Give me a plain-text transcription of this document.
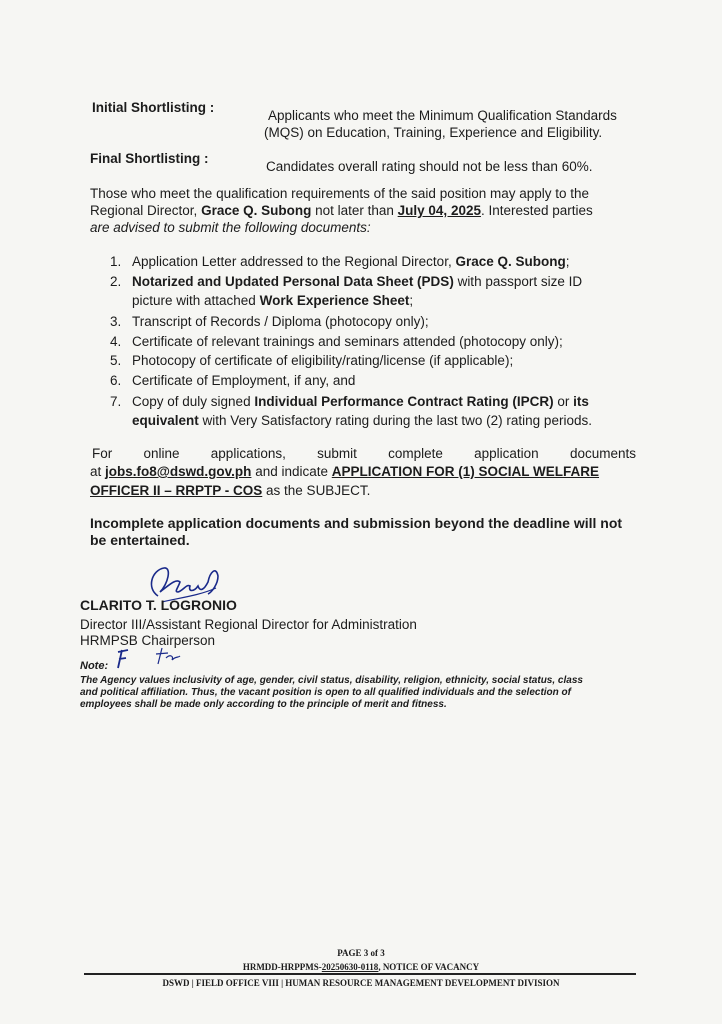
Initial Shortlisting :
Applicants who meet the Minimum Qualification Standards
(MQS) on Education, Training, Experience and Eligibility.
Final Shortlisting :
Candidates overall rating should not be less than 60%.
Those who meet the qualification requirements of the said position may apply to the
Regional Director, Grace Q. Subong not later than July 04, 2025. Interested parties
are advised to submit the following documents:
1. Application Letter addressed to the Regional Director, Grace Q. Subong;
2. Notarized and Updated Personal Data Sheet (PDS) with passport size ID
picture with attached Work Experience Sheet;
3. Transcript of Records / Diploma (photocopy only);
4. Certificate of relevant trainings and seminars attended (photocopy only);
5. Photocopy of certificate of eligibility/rating/license (if applicable);
6. Certificate of Employment, if any, and
7. Copy of duly signed Individual Performance Contract Rating (IPCR) or its
equivalent with Very Satisfactory rating during the last two (2) rating periods.
For online applications, submit complete application documents
at jobs.fo8@dswd.gov.ph and indicate APPLICATION FOR (1) SOCIAL WELFARE
OFFICER II – RRPTP - COS as the SUBJECT.
Incomplete application documents and submission beyond the deadline will not
be entertained.
CLARITO T. LOGRONIO
Director III/Assistant Regional Director for Administration
HRMPSB Chairperson
Note:
The Agency values inclusivity of age, gender, civil status, disability, religion, ethnicity, social status, class
and political affiliation. Thus, the vacant position is open to all qualified individuals and the selection of
employees shall be made only according to the principle of merit and fitness.
PAGE 3 of 3
HRMDD-HRPPMS-20250630-0118, NOTICE OF VACANCY
DSWD | FIELD OFFICE VIII | HUMAN RESOURCE MANAGEMENT DEVELOPMENT DIVISION
